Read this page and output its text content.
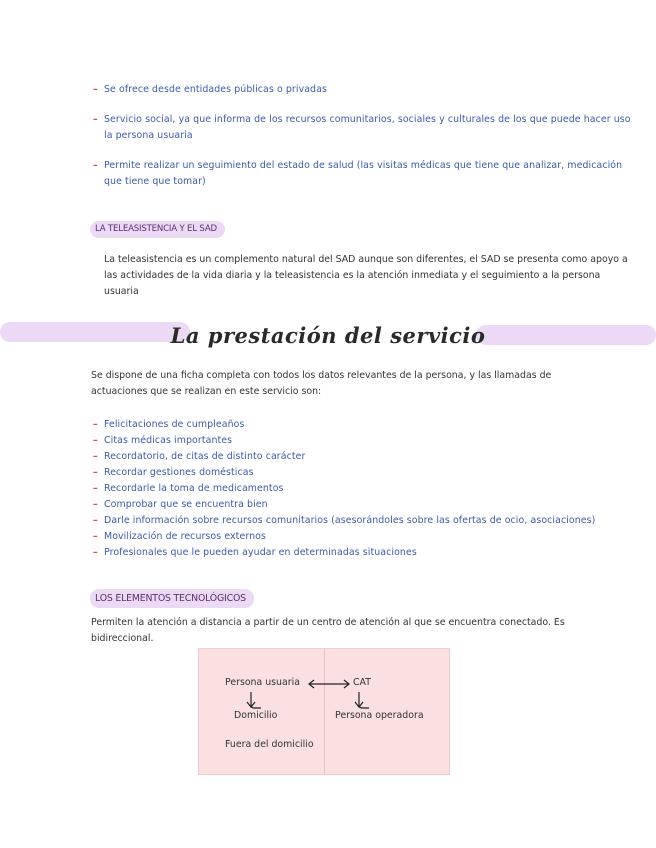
– Se ofrece desde entidades públicas o privadas
– Servicio social, ya que informa de los recursos comunitarios, sociales y culturales de los que puede hacer uso la persona usuaria
– Permite realizar un seguimiento del estado de salud (las visitas médicas que tiene que analizar, medicación que tiene que tomar)
LA TELEASISTENCIA Y EL SAD
La teleasistencia es un complemento natural del SAD aunque son diferentes, el SAD se presenta como apoyo a las actividades de la vida diaria y la teleasistencia es la atención inmediata y el seguimiento a la persona usuaria
La prestación del servicio
Se dispone de una ficha completa con todos los datos relevantes de la persona, y las llamadas de actuaciones que se realizan en este servicio son:
– Felicitaciones de cumpleaños
– Citas médicas importantes
– Recordatorio, de citas de distinto carácter
– Recordar gestiones domésticas
– Recordarle la toma de medicamentos
– Comprobar que se encuentra bien
– Darle información sobre recursos comunitarios (asesorándoles sobre las ofertas de ocio, asociaciones)
– Movilización de recursos externos
– Profesionales que le pueden ayudar en determinadas situaciones
LOS ELEMENTOS TECNOLÓGICOS
Permiten la atención a distancia a partir de un centro de atención al que se encuentra conectado. Es bidireccional.
Persona usuaria	CAT
Domicilio	Persona operadora
Fuera del domicilio
